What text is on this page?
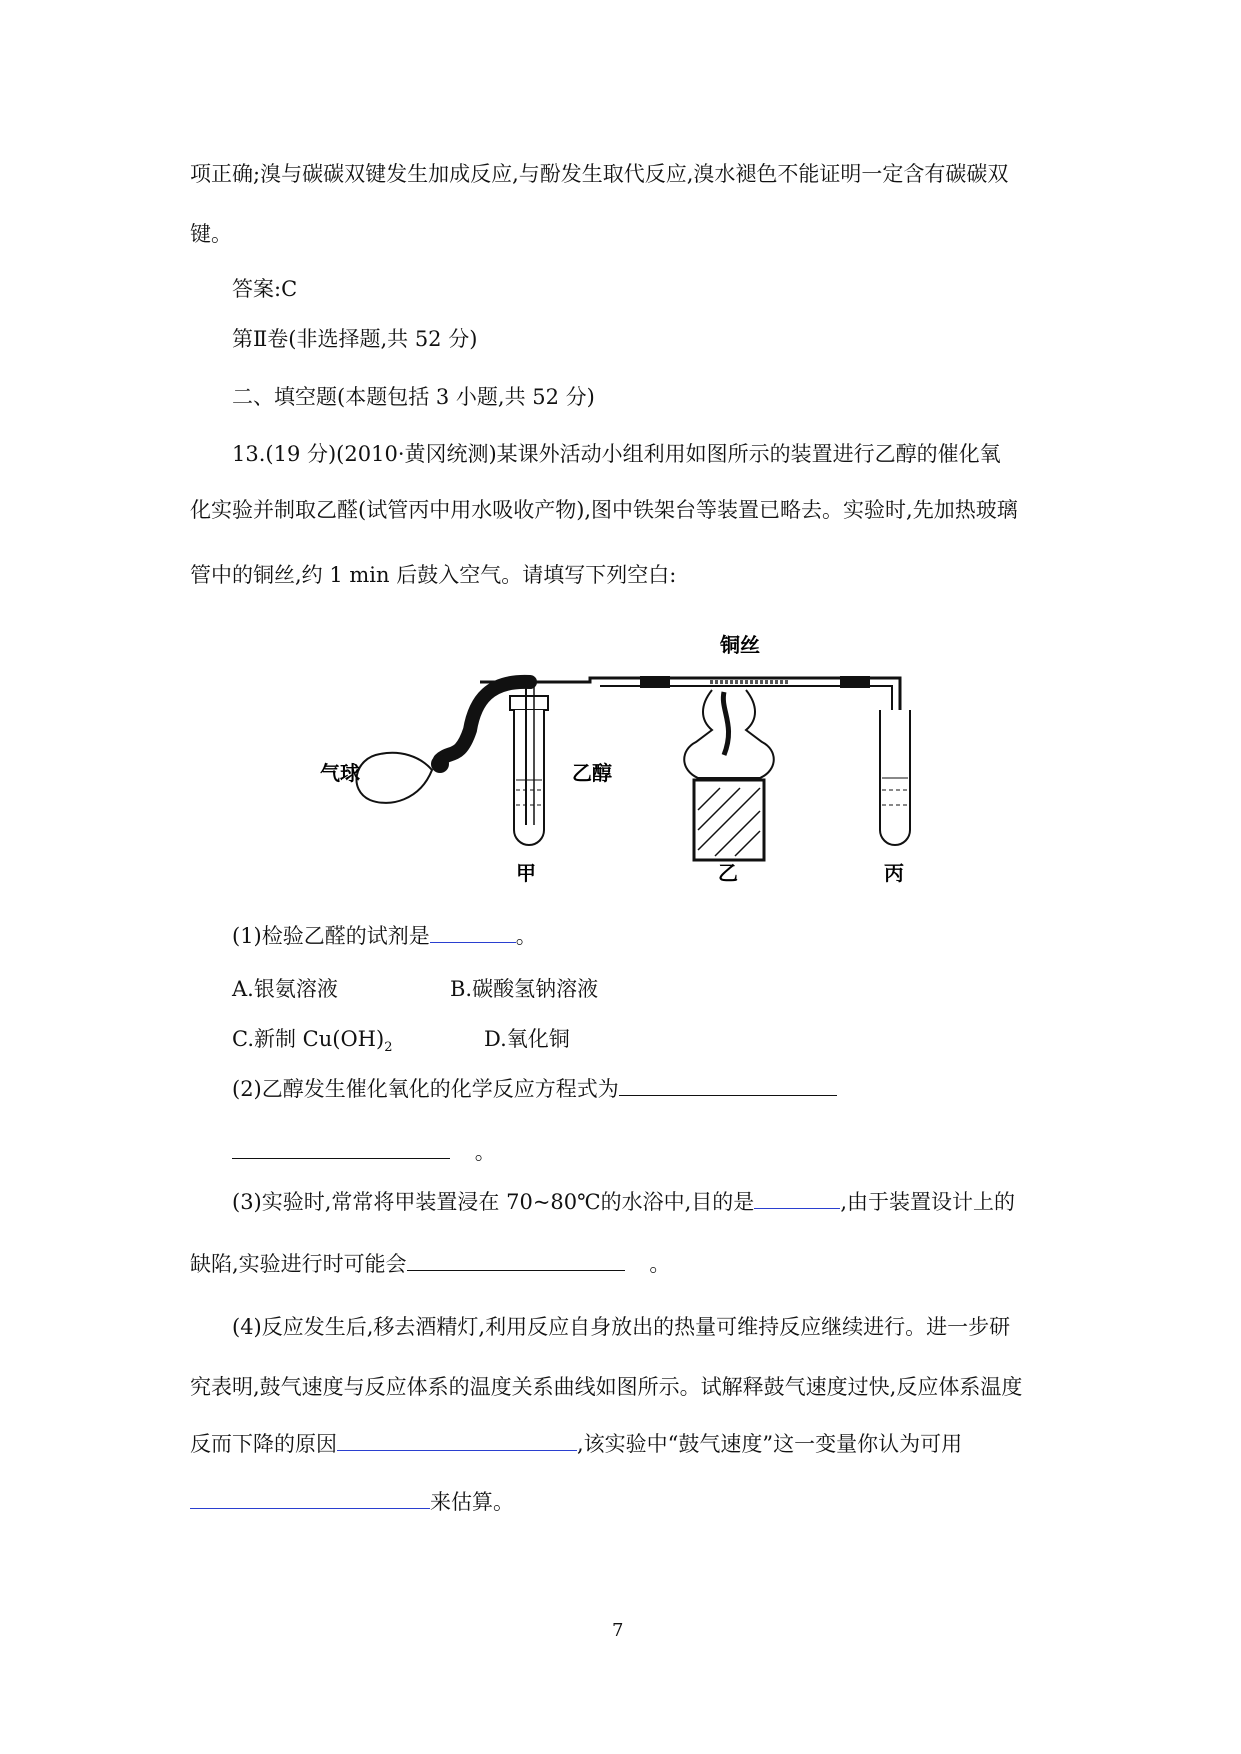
项正确;溴与碳碳双键发生加成反应,与酚发生取代反应,溴水褪色不能证明一定含有碳碳双
键。
答案:C
第Ⅱ卷(非选择题,共 52 分)
二、填空题(本题包括 3 小题,共 52 分)
13.(19 分)(2010·黄冈统测)某课外活动小组利用如图所示的装置进行乙醇的催化氧
化实验并制取乙醛(试管丙中用水吸收产物),图中铁架台等装置已略去。实验时,先加热玻璃
管中的铜丝,约 1 min 后鼓入空气。请填写下列空白:
铜丝
气球	乙醇
甲	乙	丙
(1)检验乙醛的试剂是	。
A.银氨溶液	B.碳酸氢钠溶液
C.新制 $Cu(OH)_2$	D.氧化铜
(2)乙醇发生催化氧化的化学反应方程式为
。
(3)实验时,常常将甲装置浸在 70~80℃的水浴中,目的是	,由于装置设计上的
缺陷,实验进行时可能会	。
(4)反应发生后,移去酒精灯,利用反应自身放出的热量可维持反应继续进行。进一步研
究表明,鼓气速度与反应体系的温度关系曲线如图所示。试解释鼓气速度过快,反应体系温度
反而下降的原因	,该实验中“鼓气速度”这一变量你认为可用
来估算。
7
